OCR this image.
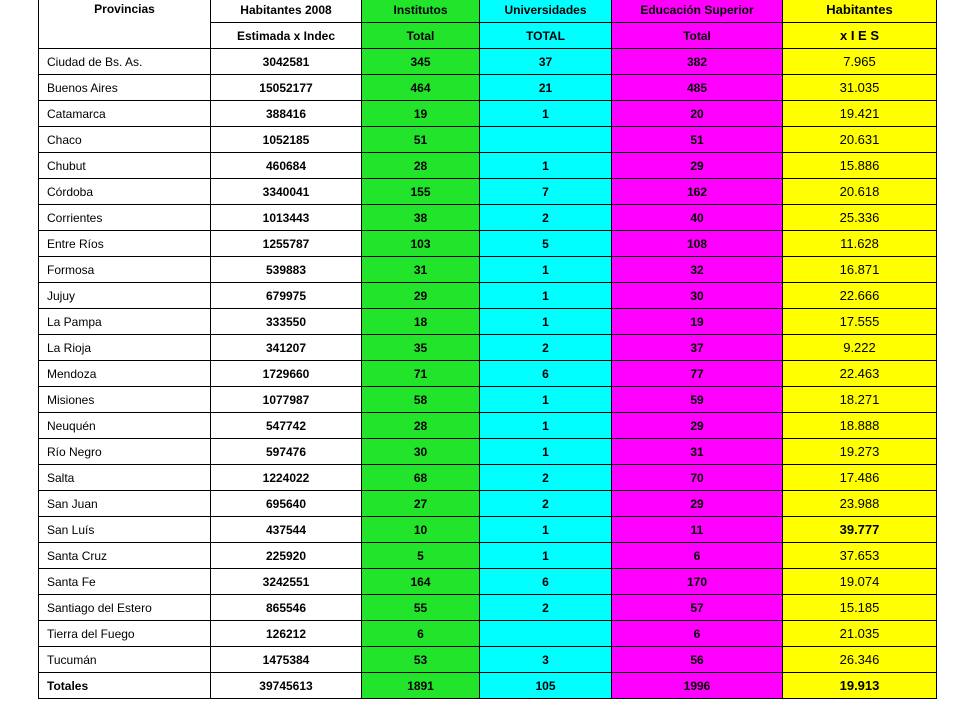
Provincias	Habitantes 2008	Institutos	Universidades	Educación Superior	Habitantes
	Estimada x Indec	Total	TOTAL	Total	x I E S
Ciudad de Bs. As.	3042581	345	37	382	7.965
Buenos Aires	15052177	464	21	485	31.035
Catamarca	388416	19	1	20	19.421
Chaco	1052185	51		51	20.631
Chubut	460684	28	1	29	15.886
Córdoba	3340041	155	7	162	20.618
Corrientes	1013443	38	2	40	25.336
Entre Ríos	1255787	103	5	108	11.628
Formosa	539883	31	1	32	16.871
Jujuy	679975	29	1	30	22.666
La Pampa	333550	18	1	19	17.555
La Rioja	341207	35	2	37	9.222
Mendoza	1729660	71	6	77	22.463
Misiones	1077987	58	1	59	18.271
Neuquén	547742	28	1	29	18.888
Río Negro	597476	30	1	31	19.273
Salta	1224022	68	2	70	17.486
San Juan	695640	27	2	29	23.988
San Luís	437544	10	1	11	39.777
Santa Cruz	225920	5	1	6	37.653
Santa Fe	3242551	164	6	170	19.074
Santiago del Estero	865546	55	2	57	15.185
Tierra del Fuego	126212	6		6	21.035
Tucumán	1475384	53	3	56	26.346
Totales	39745613	1891	105	1996	19.913
